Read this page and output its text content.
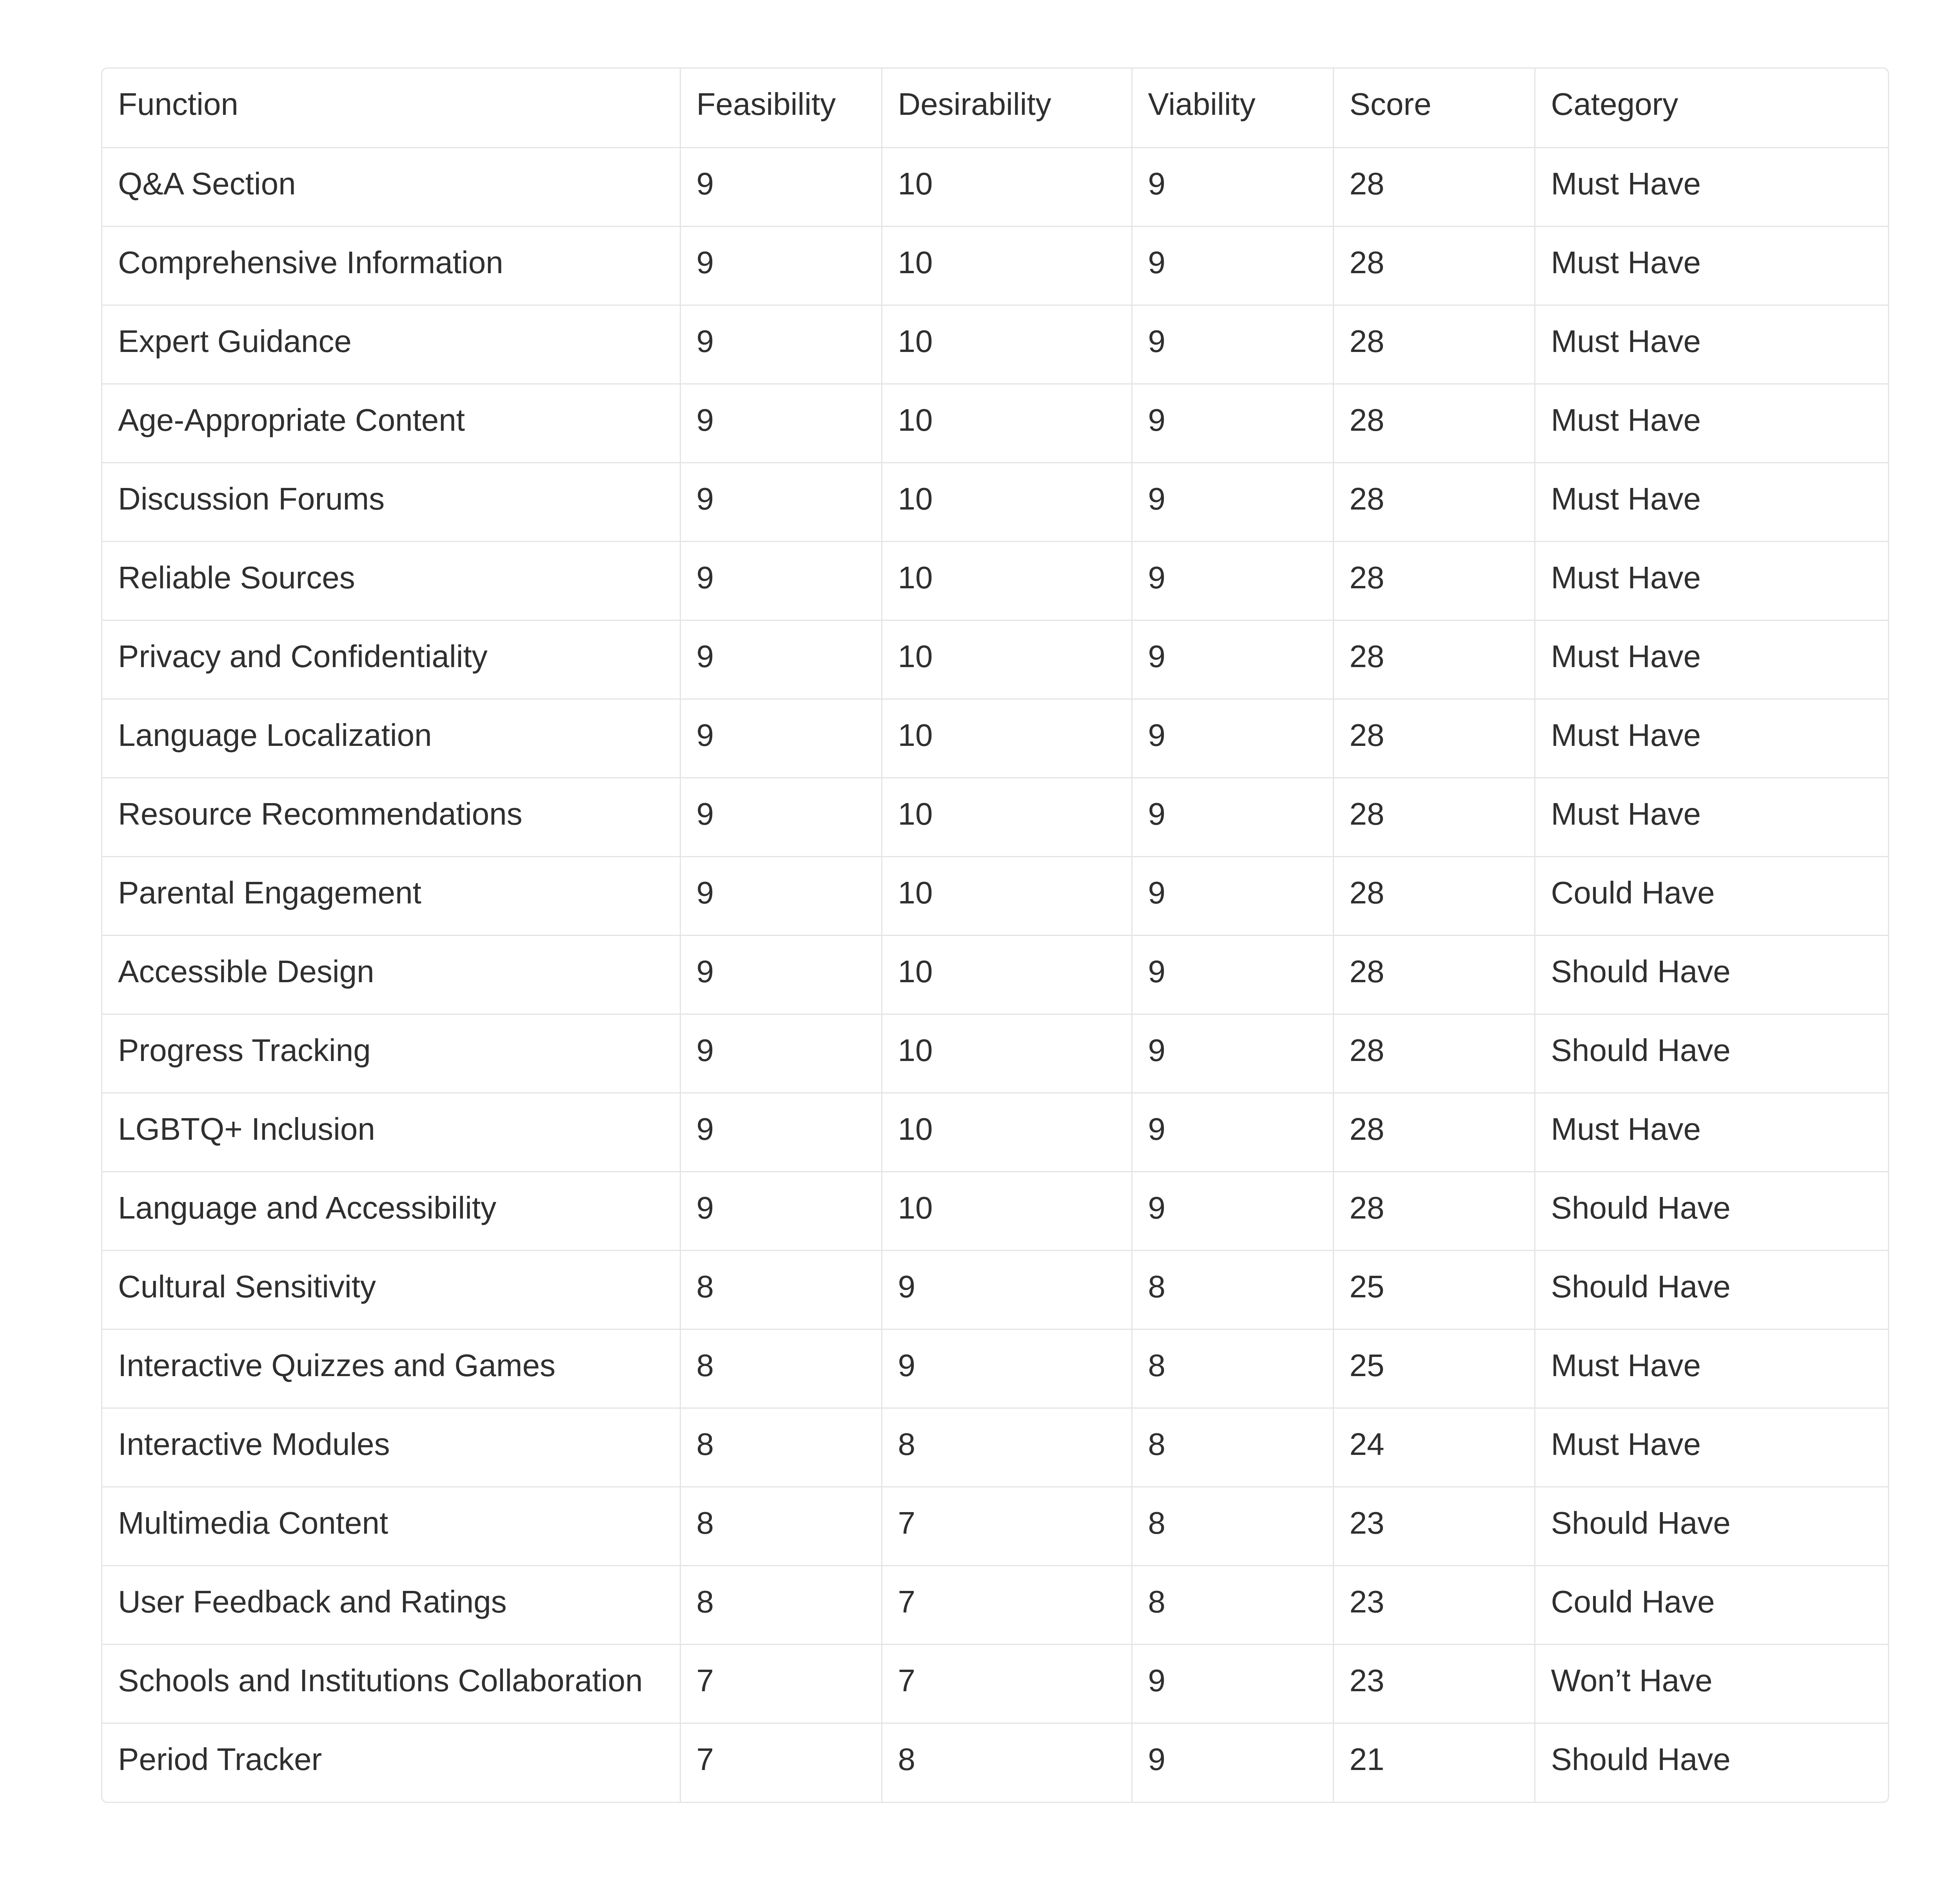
Function	Feasibility	Desirability	Viability	Score	Category
Q&A Section	9	10	9	28	Must Have
Comprehensive Information	9	10	9	28	Must Have
Expert Guidance	9	10	9	28	Must Have
Age-Appropriate Content	9	10	9	28	Must Have
Discussion Forums	9	10	9	28	Must Have
Reliable Sources	9	10	9	28	Must Have
Privacy and Confidentiality	9	10	9	28	Must Have
Language Localization	9	10	9	28	Must Have
Resource Recommendations	9	10	9	28	Must Have
Parental Engagement	9	10	9	28	Could Have
Accessible Design	9	10	9	28	Should Have
Progress Tracking	9	10	9	28	Should Have
LGBTQ+ Inclusion	9	10	9	28	Must Have
Language and Accessibility	9	10	9	28	Should Have
Cultural Sensitivity	8	9	8	25	Should Have
Interactive Quizzes and Games	8	9	8	25	Must Have
Interactive Modules	8	8	8	24	Must Have
Multimedia Content	8	7	8	23	Should Have
User Feedback and Ratings	8	7	8	23	Could Have
Schools and Institutions Collaboration	7	7	9	23	Won’t Have
Period Tracker	7	8	9	21	Should Have
